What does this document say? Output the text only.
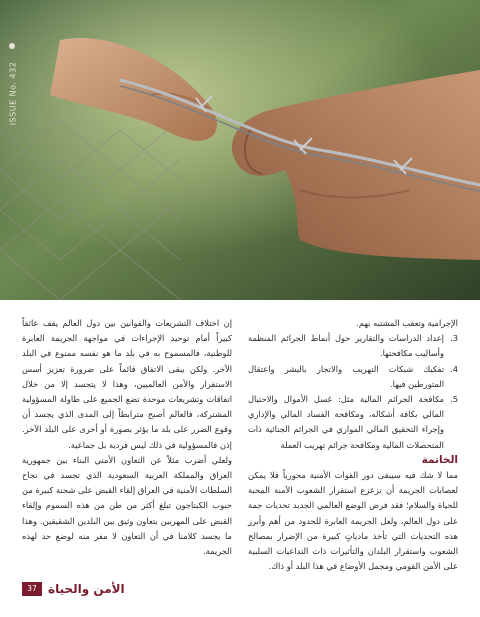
ISSUE No. 432

الإجرامية وتعقب المشتبه بهم.

3.
إعداد الدراسات والتقارير حول أنماط الجرائم المنظمة وأساليب مكافحتها.
4.
تفكيك شبكات التهريب والاتجار بالبشر واعتقال المتورطين فيها.
5.
مكافحة الجرائم المالية مثل: غسل الأموال والاحتيال المالي بكافة أشكاله، ومكافحة الفساد المالي والإداري وإجراء التحقيق المالي الموازي في الجرائم الجنائية ذات المتحصلات المالية ومكافحة جرائم تهريب العملة

الخاتمة

مما لا شك فيه سيبقى دور القوات الأمنية محورياً فلا يمكن لعصابات الجريمة أن تزعزع استقرار الشعوب الآمنة المحبة للحياة والسلام؛ فقد فرض الوضع العالمي الجديد تحديات جمة على دول العالم، ولعل الجريمة العابرة للحدود من أهم وأبرز هذه التحديات التي تأخذ مادياتٍ كبيرة من الإضرار بمصالح الشعوب واستقرار البلدان والتأثيرات ذات التداعيات السلبية على الأمن القومي ومجمل الأوضاع في هذا البلد أو ذاك.

إن اختلاف التشريعات والقوانين بين دول العالم يقف عائقاً كبيراً أمام توحيد الإجراءات في مواجهة الجريمة العابرة للوطنية، فالمسموح به في بلد ما هو نفسه ممنوع في البلد الآخر. ولكن يبقى الاتفاق قائماً على ضرورة تعزيز أسس الاستقرار والأمن العالميين، وهذا لا يتجسد إلا من خلال اتفاقات وتشريعات موحدة تضع الجميع على طاولة المسؤولية المشتركة، فالعالم أصبح مترابطاً إلى المدى الذي يجسد أن وقوع الضرر على بلد ما يؤثر بصورة أو أخرى على البلد الآخر. إذن فالمسؤولية في ذلك ليس فردية بل جماعية.

ولعلي أضرب مثلاً عن التعاون الأمني البناء بين جمهورية العراق والمملكة العربية السعودية الذي تجسد في نجاح السلطات الأمنية في العراق إلقاء القبض على شحنة كبيرة من حبوب الكبتاجون تبلغ أكثر من طن من هذه السموم وإلقاء القبض على المهربين بتعاون وثيق بين البلدين الشقيقين. وهذا ما يجسد كلامنا في أن التعاون لا مفر منه لوضع حد لهذه الجريمة.

37 الأمن والحياة
